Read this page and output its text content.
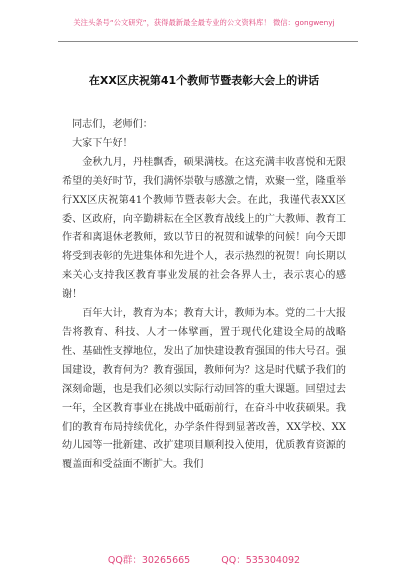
关注头条号“公文研究”，获得最新最全最专业的公文资料库！ 微信：gongwenyj
在XX区庆祝第41个教师节暨表彰大会上的讲话

同志们，老师们：

大家下午好！

金秋九月，丹桂飘香，硕果满枝。在这充满丰收喜悦和无限希望的美好时节，我们满怀崇敬与感激之情，欢聚一堂，隆重举行XX区庆祝第41个教师节暨表彰大会。在此，我谨代表XX区委、区政府，向辛勤耕耘在全区教育战线上的广大教师、教育工作者和离退休老教师，致以节日的祝贺和诚挚的问候！向今天即将受到表彰的先进集体和先进个人，表示热烈的祝贺！向长期以来关心支持我区教育事业发展的社会各界人士，表示衷心的感谢！

百年大计，教育为本；教育大计，教师为本。党的二十大报告将教育、科技、人才一体擘画，置于现代化建设全局的战略性、基础性支撑地位，发出了加快建设教育强国的伟大号召。强国建设，教育何为？教育强国，教师何为？这是时代赋予我们的深刻命题，也是我们必须以实际行动回答的重大课题。回望过去一年，全区教育事业在挑战中砥砺前行，在奋斗中收获硕果。我们的教育布局持续优化，办学条件得到显著改善，XX学校、XX幼儿园等一批新建、改扩建项目顺利投入使用，优质教育资源的覆盖面和受益面不断扩大。我们

QQ群：30265665	QQ：535304092
